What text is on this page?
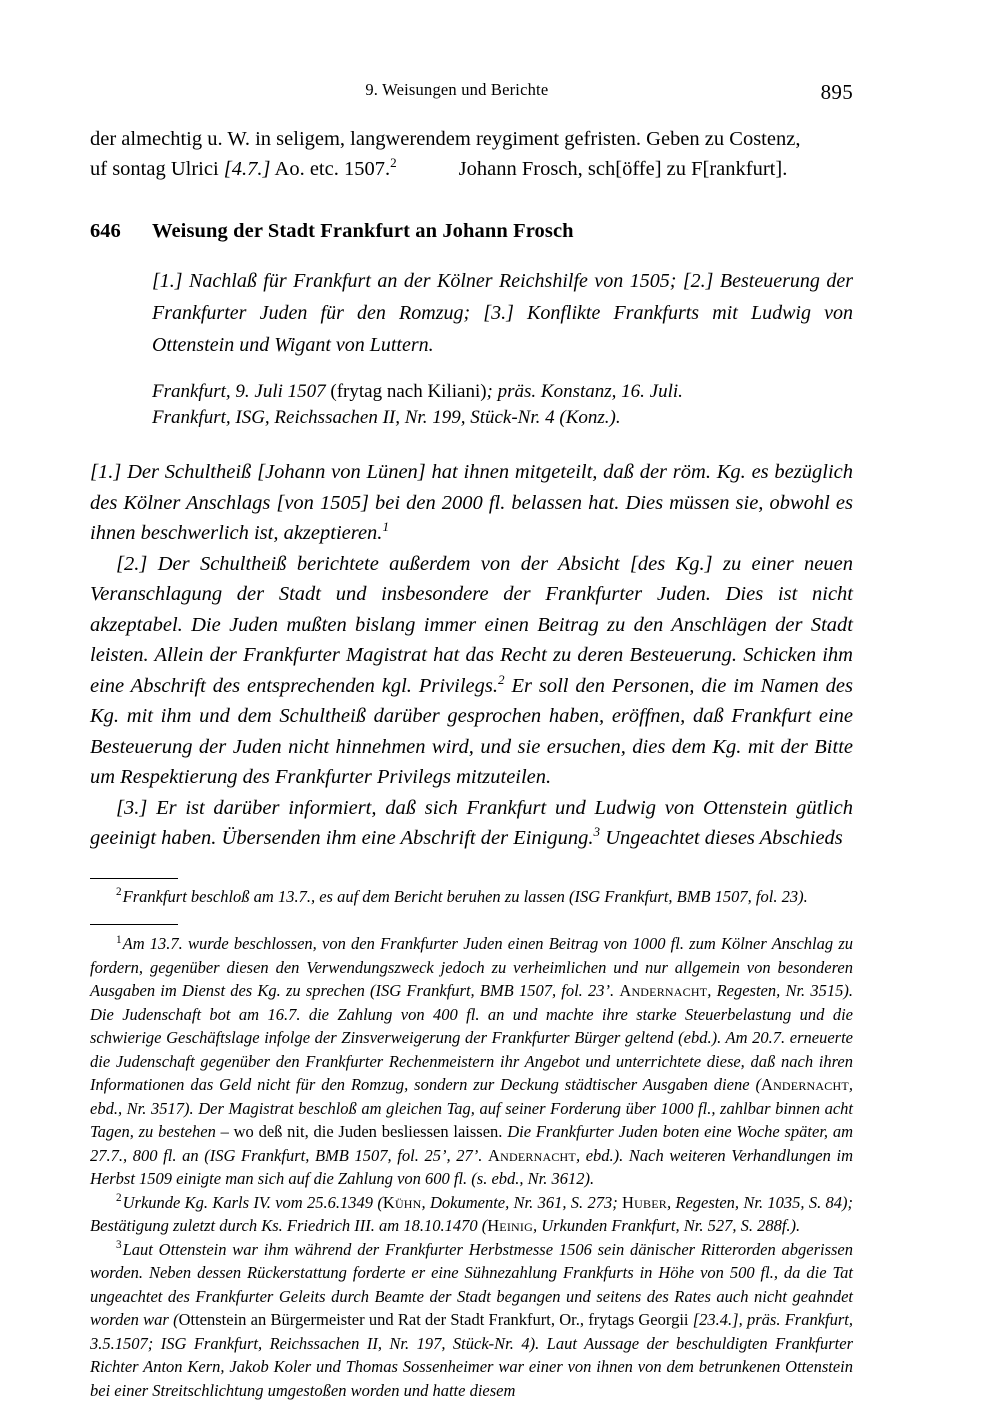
9. Weisungen und Berichte	895
der almechtig u. W. in seligem, langwerendem reygiment gefristen. Geben zu Costenz,
uf sontag Ulrici [4.7.] Ao. etc. 1507.$^2$	Johann Frosch, sch[öffe] zu F[rankfurt].
646	Weisung der Stadt Frankfurt an Johann Frosch
[1.] Nachlaß für Frankfurt an der Kölner Reichshilfe von 1505; [2.] Besteuerung der Frankfurter Juden für den Romzug; [3.] Konflikte Frankfurts mit Ludwig von Ottenstein und Wigant von Luttern.
Frankfurt, 9. Juli 1507 (frytag nach Kiliani); präs. Konstanz, 16. Juli.
Frankfurt, ISG, Reichssachen II, Nr. 199, Stück-Nr. 4 (Konz.).

[1.] Der Schultheiß [Johann von Lünen] hat ihnen mitgeteilt, daß der röm. Kg. es bezüglich des Kölner Anschlags [von 1505] bei den 2000 fl. belassen hat. Dies müssen sie, obwohl es ihnen beschwerlich ist, akzeptieren.$^1$

[2.] Der Schultheiß berichtete außerdem von der Absicht [des Kg.] zu einer neuen Veranschlagung der Stadt und insbesondere der Frankfurter Juden. Dies ist nicht akzeptabel. Die Juden mußten bislang immer einen Beitrag zu den Anschlägen der Stadt leisten. Allein der Frankfurter Magistrat hat das Recht zu deren Besteuerung. Schicken ihm eine Abschrift des entsprechenden kgl. Privilegs.$^2$ Er soll den Personen, die im Namen des Kg. mit ihm und dem Schultheiß darüber gesprochen haben, eröffnen, daß Frankfurt eine Besteuerung der Juden nicht hinnehmen wird, und sie ersuchen, dies dem Kg. mit der Bitte um Respektierung des Frankfurter Privilegs mitzuteilen.

[3.] Er ist darüber informiert, daß sich Frankfurt und Ludwig von Ottenstein gütlich geeinigt haben. Übersenden ihm eine Abschrift der Einigung.$^3$ Ungeachtet dieses Abschieds

$^2$Frankfurt beschloß am 13.7., es auf dem Bericht beruhen zu lassen (ISG Frankfurt, BMB 1507, fol. 23).

$^1$Am 13.7. wurde beschlossen, von den Frankfurter Juden einen Beitrag von 1000 fl. zum Kölner Anschlag zu fordern, gegenüber diesen den Verwendungszweck jedoch zu verheimlichen und nur allgemein von besonderen Ausgaben im Dienst des Kg. zu sprechen (ISG Frankfurt, BMB 1507, fol. 23’. Andernacht, Regesten, Nr. 3515). Die Judenschaft bot am 16.7. die Zahlung von 400 fl. an und machte ihre starke Steuerbelastung und die schwierige Geschäftslage infolge der Zinsverweigerung der Frankfurter Bürger geltend (ebd.). Am 20.7. erneuerte die Judenschaft gegenüber den Frankfurter Rechenmeistern ihr Angebot und unterrichtete diese, daß nach ihren Informationen das Geld nicht für den Romzug, sondern zur Deckung städtischer Ausgaben diene (Andernacht, ebd., Nr. 3517). Der Magistrat beschloß am gleichen Tag, auf seiner Forderung über 1000 fl., zahlbar binnen acht Tagen, zu bestehen – wo deß nit, die Juden besliessen laissen. Die Frankfurter Juden boten eine Woche später, am 27.7., 800 fl. an (ISG Frankfurt, BMB 1507, fol. 25’, 27’. Andernacht, ebd.). Nach weiteren Verhandlungen im Herbst 1509 einigte man sich auf die Zahlung von 600 fl. (s. ebd., Nr. 3612).

$^2$Urkunde Kg. Karls IV. vom 25.6.1349 (Kühn, Dokumente, Nr. 361, S. 273; Huber, Regesten, Nr. 1035, S. 84); Bestätigung zuletzt durch Ks. Friedrich III. am 18.10.1470 (Heinig, Urkunden Frankfurt, Nr. 527, S. 288f.).

$^3$Laut Ottenstein war ihm während der Frankfurter Herbstmesse 1506 sein dänischer Ritterorden abgerissen worden. Neben dessen Rückerstattung forderte er eine Sühnezahlung Frankfurts in Höhe von 500 fl., da die Tat ungeachtet des Frankfurter Geleits durch Beamte der Stadt begangen und seitens des Rates auch nicht geahndet worden war (Ottenstein an Bürgermeister und Rat der Stadt Frankfurt, Or., frytags Georgii [23.4.], präs. Frankfurt, 3.5.1507; ISG Frankfurt, Reichssachen II, Nr. 197, Stück-Nr. 4). Laut Aussage der beschuldigten Frankfurter Richter Anton Kern, Jakob Koler und Thomas Sossenheimer war einer von ihnen von dem betrunkenen Ottenstein bei einer Streitschlichtung umgestoßen worden und hatte diesem
